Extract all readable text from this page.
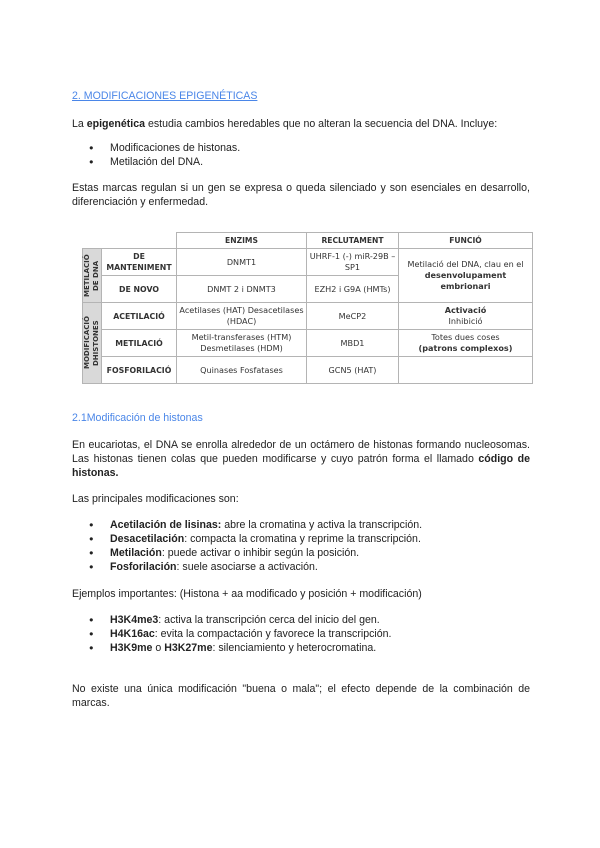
2. MODIFICACIONES EPIGENÉTICAS
La epigenética estudia cambios heredables que no alteran la secuencia del DNA. Incluye:
● Modificaciones de histonas.
● Metilación del DNA.
Estas marcas regulan si un gen se expresa o queda silenciado y son esenciales en desarrollo, diferenciación y enfermedad.
		ENZIMS	RECLUTAMENT	FUNCIÓ

METILACIÓ DE DNA	DE MANTENIMENT	DNMT1	UHRF-1 (-) miR-29B – SP1	Metilació del DNA, clau en el desenvolupament embrionari
	DE NOVO	DNMT 2 i DNMT3	EZH2 i G9A (HMTs)	

MODIFICACIÓ DHISTONES	ACETILACIÓ	Acetilases (HAT) Desacetilases (HDAC)	MeCP2	Activació
Inhibició
	METILACIÓ	Metil-transferases (HTM) Desmetilases (HDM)	MBD1	Totes dues coses
(patrons complexos)
	FOSFORILACIÓ	Quinases Fosfatases	GCN5 (HAT)	
2.1Modificación de histonas
En eucariotas, el DNA se enrolla alrededor de un octámero de histonas formando nucleosomas. Las histonas tienen colas que pueden modificarse y cuyo patrón forma el llamado código de histonas.
Las principales modificaciones son:
● Acetilación de lisinas: abre la cromatina y activa la transcripción.
● Desacetilación: compacta la cromatina y reprime la transcripción.
● Metilación: puede activar o inhibir según la posición.
● Fosforilación: suele asociarse a activación.
Ejemplos importantes: (Histona + aa modificado y posición + modificación)
● H3K4me3: activa la transcripción cerca del inicio del gen.
● H4K16ac: evita la compactación y favorece la transcripción.
● H3K9me o H3K27me: silenciamiento y heterocromatina.
No existe una única modificación "buena o mala"; el efecto depende de la combinación de marcas.
